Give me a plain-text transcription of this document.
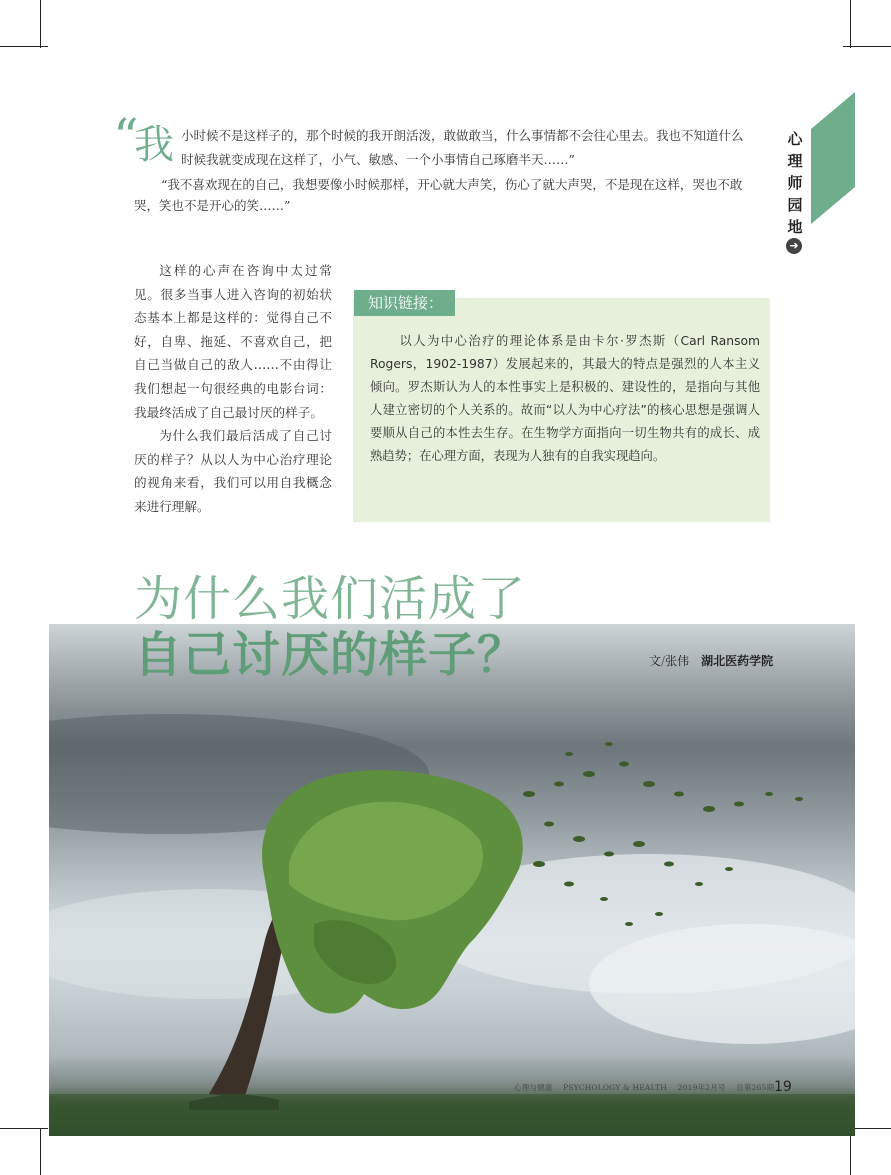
心
理
师
园
地
➜
“
我 小时候不是这样子的，那个时候的我开朗活泼，敢做敢当，什么事情都不会往心里去。我也不知道什么
时候我就变成现在这样了，小气、敏感、一个小事情自己琢磨半天……”
“我不喜欢现在的自己，我想要像小时候那样，开心就大声笑，伤心了就大声哭，不是现在这样，哭也不敢
哭，笑也不是开心的笑……”

这样的心声在咨询中太过常见。很多当事人进入咨询的初始状态基本上都是这样的：觉得自己不好，自卑、拖延、不喜欢自己，把自己当做自己的敌人……不由得让我们想起一句很经典的电影台词：我最终活成了自己最讨厌的样子。

为什么我们最后活成了自己讨厌的样子？从以人为中心治疗理论的视角来看，我们可以用自我概念来进行理解。

知识链接：

以人为中心治疗的理论体系是由卡尔·罗杰斯（Carl Ransom Rogers，1902-1987）发展起来的，其最大的特点是强烈的人本主义倾向。罗杰斯认为人的本性事实上是积极的、建设性的，是指向与其他人建立密切的个人关系的。故而“以人为中心疗法”的核心思想是强调人要顺从自己的本性去生存。在生物学方面指向一切生物共有的成长、成熟趋势；在心理方面，表现为人独有的自我实现趋向。

为什么我们活成了
自己讨厌的样子？	文/张伟 湖北医药学院
心理与健康 PSYCHOLOGY & HEALTH 2019年2月号 总第265期 19
